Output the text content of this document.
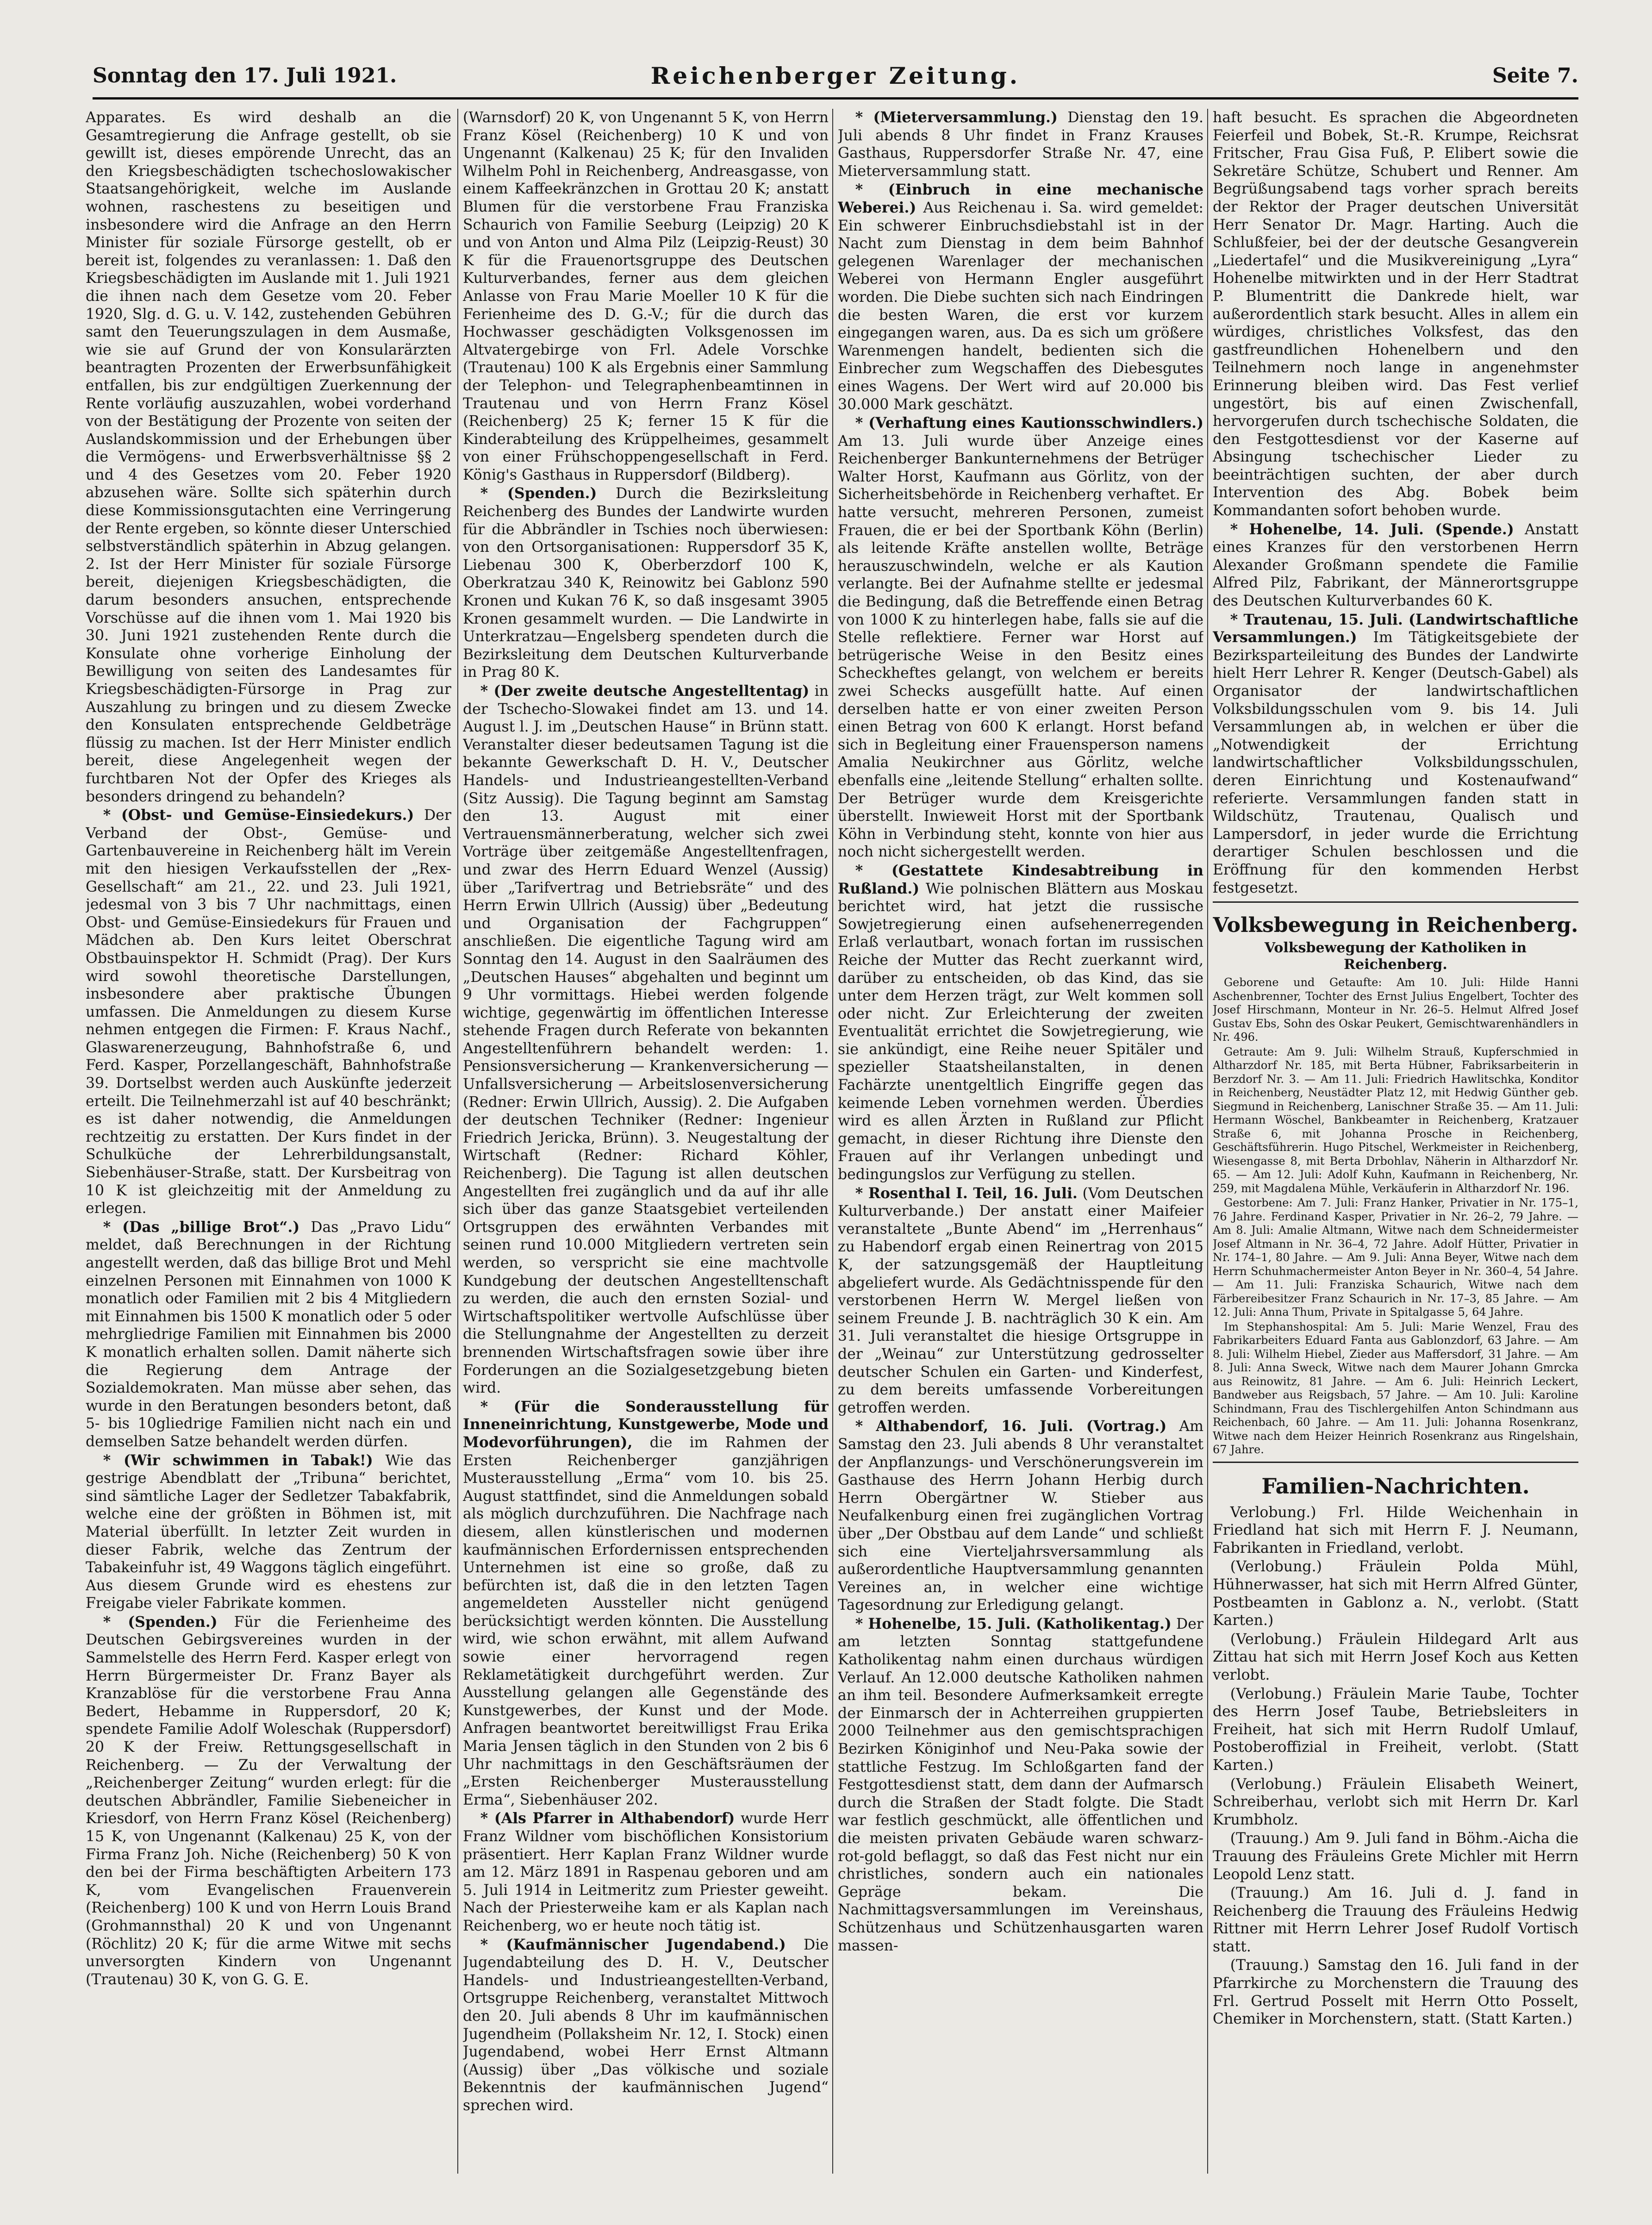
Sonntag den 17. Juli 1921.	Reichenberger Zeitung.	Seite 7.

Apparates. Es wird deshalb an die Gesamtregierung die Anfrage gestellt, ob sie gewillt ist, dieses empörende Unrecht, das an den Kriegsbeschädigten tschechoslowakischer Staatsangehörigkeit, welche im Auslande wohnen, raschestens zu beseitigen und insbesondere wird die Anfrage an den Herrn Minister für soziale Fürsorge gestellt, ob er bereit ist, folgendes zu veranlassen: 1. Daß den Kriegsbeschädigten im Auslande mit 1. Juli 1921 die ihnen nach dem Gesetze vom 20. Feber 1920, Slg. d. G. u. V. 142, zustehenden Gebühren samt den Teuerungszulagen in dem Ausmaße, wie sie auf Grund der von Konsularärzten beantragten Prozenten der Erwerbsunfähigkeit entfallen, bis zur endgültigen Zuerkennung der Rente vorläufig auszuzahlen, wobei vorderhand von der Bestätigung der Prozente von seiten der Auslandskommission und der Erhebungen über die Vermögens- und Erwerbsverhältnisse §§ 2 und 4 des Gesetzes vom 20. Feber 1920 abzusehen wäre. Sollte sich späterhin durch diese Kommissionsgutachten eine Verringerung der Rente ergeben, so könnte dieser Unterschied selbstverständlich späterhin in Abzug gelangen. 2. Ist der Herr Minister für soziale Fürsorge bereit, diejenigen Kriegsbeschädigten, die darum besonders ansuchen, entsprechende Vorschüsse auf die ihnen vom 1. Mai 1920 bis 30. Juni 1921 zustehenden Rente durch die Konsulate ohne vorherige Einholung der Bewilligung von seiten des Landesamtes für Kriegsbeschädigten-Fürsorge in Prag zur Auszahlung zu bringen und zu diesem Zwecke den Konsulaten entsprechende Geldbeträge flüssig zu machen. Ist der Herr Minister endlich bereit, diese Angelegenheit wegen der furchtbaren Not der Opfer des Krieges als besonders dringend zu behandeln?

* (Obst- und Gemüse-Einsiedekurs.) Der Verband der Obst-, Gemüse- und Gartenbauvereine in Reichenberg hält im Verein mit den hiesigen Verkaufsstellen der „Rex-Gesellschaft“ am 21., 22. und 23. Juli 1921, jedesmal von 3 bis 7 Uhr nachmittags, einen Obst- und Gemüse-Einsiedekurs für Frauen und Mädchen ab. Den Kurs leitet Oberschrat Obstbauinspektor H. Schmidt (Prag). Der Kurs wird sowohl theoretische Darstellungen, insbesondere aber praktische Übungen umfassen. Die Anmeldungen zu diesem Kurse nehmen entgegen die Firmen: F. Kraus Nachf., Glaswarenerzeugung, Bahnhofstraße 6, und Ferd. Kasper, Porzellangeschäft, Bahnhofstraße 39. Dortselbst werden auch Auskünfte jederzeit erteilt. Die Teilnehmerzahl ist auf 40 beschränkt; es ist daher notwendig, die Anmeldungen rechtzeitig zu erstatten. Der Kurs findet in der Schulküche der Lehrerbildungsanstalt, Siebenhäuser-Straße, statt. Der Kursbeitrag von 10 K ist gleichzeitig mit der Anmeldung zu erlegen.

* (Das „billige Brot“.) Das „Pravo Lidu“ meldet, daß Berechnungen in der Richtung angestellt werden, daß das billige Brot und Mehl einzelnen Personen mit Einnahmen von 1000 K monatlich oder Familien mit 2 bis 4 Mitgliedern mit Einnahmen bis 1500 K monatlich oder 5 oder mehrgliedrige Familien mit Einnahmen bis 2000 K monatlich erhalten sollen. Damit näherte sich die Regierung dem Antrage der Sozialdemokraten. Man müsse aber sehen, das wurde in den Beratungen besonders betont, daß 5- bis 10gliedrige Familien nicht nach ein und demselben Satze behandelt werden dürfen.

* (Wir schwimmen in Tabak!) Wie das gestrige Abendblatt der „Tribuna“ berichtet, sind sämtliche Lager der Sedletzer Tabakfabrik, welche eine der größten in Böhmen ist, mit Material überfüllt. In letzter Zeit wurden in dieser Fabrik, welche das Zentrum der Tabakeinfuhr ist, 49 Waggons täglich eingeführt. Aus diesem Grunde wird es ehestens zur Freigabe vieler Fabrikate kommen.

* (Spenden.) Für die Ferienheime des Deutschen Gebirgsvereines wurden in der Sammelstelle des Herrn Ferd. Kasper erlegt von Herrn Bürgermeister Dr. Franz Bayer als Kranzablöse für die verstorbene Frau Anna Bedert, Hebamme in Ruppersdorf, 20 K; spendete Familie Adolf Woleschak (Ruppersdorf) 20 K der Freiw. Rettungsgesellschaft in Reichenberg. — Zu der Verwaltung der „Reichenberger Zeitung“ wurden erlegt: für die deutschen Abbrändler, Familie Siebeneicher in Kriesdorf, von Herrn Franz Kösel (Reichenberg) 15 K, von Ungenannt (Kalkenau) 25 K, von der Firma Franz Joh. Niche (Reichenberg) 50 K von den bei der Firma beschäftigten Arbeitern 173 K, vom Evangelischen Frauenverein (Reichenberg) 100 K und von Herrn Louis Brand (Grohmannsthal) 20 K und von Ungenannt (Röchlitz) 20 K; für die arme Witwe mit sechs unversorgten Kindern von Ungenannt (Trautenau) 30 K, von G. G. E.

(Warnsdorf) 20 K, von Ungenannt 5 K, von Herrn Franz Kösel (Reichenberg) 10 K und von Ungenannt (Kalkenau) 25 K; für den Invaliden Wilhelm Pohl in Reichenberg, Andreasgasse, von einem Kaffeekränzchen in Grottau 20 K; anstatt Blumen für die verstorbene Frau Franziska Schaurich von Familie Seeburg (Leipzig) 20 K und von Anton und Alma Pilz (Leipzig-Reust) 30 K für die Frauenortsgruppe des Deutschen Kulturverbandes, ferner aus dem gleichen Anlasse von Frau Marie Moeller 10 K für die Ferienheime des D. G.-V.; für die durch das Hochwasser geschädigten Volksgenossen im Altvatergebirge von Frl. Adele Vorschke (Trautenau) 100 K als Ergebnis einer Sammlung der Telephon- und Telegraphenbeamtinnen in Trautenau und von Herrn Franz Kösel (Reichenberg) 25 K; ferner 15 K für die Kinderabteilung des Krüppelheimes, gesammelt von einer Frühschoppengesellschaft in Ferd. König's Gasthaus in Ruppersdorf (Bildberg).

* (Spenden.) Durch die Bezirksleitung Reichenberg des Bundes der Landwirte wurden für die Abbrändler in Tschies noch überwiesen: von den Ortsorganisationen: Ruppersdorf 35 K, Liebenau 300 K, Oberberzdorf 100 K, Oberkratzau 340 K, Reinowitz bei Gablonz 590 Kronen und Kukan 76 K, so daß insgesamt 3905 Kronen gesammelt wurden. — Die Landwirte in Unterkratzau—Engelsberg spendeten durch die Bezirksleitung dem Deutschen Kulturverbande in Prag 80 K.

* (Der zweite deutsche Angestelltentag) in der Tschecho-Slowakei findet am 13. und 14. August l. J. im „Deutschen Hause“ in Brünn statt. Veranstalter dieser bedeutsamen Tagung ist die bekannte Gewerkschaft D. H. V., Deutscher Handels- und Industrieangestellten-Verband (Sitz Aussig). Die Tagung beginnt am Samstag den 13. August mit einer Vertrauensmännerberatung, welcher sich zwei Vorträge über zeitgemäße Angestelltenfragen, und zwar des Herrn Eduard Wenzel (Aussig) über „Tarifvertrag und Betriebsräte“ und des Herrn Erwin Ullrich (Aussig) über „Bedeutung und Organisation der Fachgruppen“ anschließen. Die eigentliche Tagung wird am Sonntag den 14. August in den Saalräumen des „Deutschen Hauses“ abgehalten und beginnt um 9 Uhr vormittags. Hiebei werden folgende wichtige, gegenwärtig im öffentlichen Interesse stehende Fragen durch Referate von bekannten Angestelltenführern behandelt werden: 1. Pensionsversicherung — Krankenversicherung — Unfallsversicherung — Arbeitslosenversicherung (Redner: Erwin Ullrich, Aussig). 2. Die Aufgaben der deutschen Techniker (Redner: Ingenieur Friedrich Jericka, Brünn). 3. Neugestaltung der Wirtschaft (Redner: Richard Köhler, Reichenberg). Die Tagung ist allen deutschen Angestellten frei zugänglich und da auf ihr alle sich über das ganze Staatsgebiet verteilenden Ortsgruppen des erwähnten Verbandes mit seinen rund 10.000 Mitgliedern vertreten sein werden, so verspricht sie eine machtvolle Kundgebung der deutschen Angestelltenschaft zu werden, die auch den ernsten Sozial- und Wirtschaftspolitiker wertvolle Aufschlüsse über die Stellungnahme der Angestellten zu derzeit brennenden Wirtschaftsfragen sowie über ihre Forderungen an die Sozialgesetzgebung bieten wird.

* (Für die Sonderausstellung für Inneneinrichtung, Kunstgewerbe, Mode und Modevorführungen), die im Rahmen der Ersten Reichenberger ganzjährigen Musterausstellung „Erma“ vom 10. bis 25. August stattfindet, sind die Anmeldungen sobald als möglich durchzuführen. Die Nachfrage nach diesem, allen künstlerischen und modernen kaufmännischen Erfordernissen entsprechenden Unternehmen ist eine so große, daß zu befürchten ist, daß die in den letzten Tagen angemeldeten Aussteller nicht genügend berücksichtigt werden könnten. Die Ausstellung wird, wie schon erwähnt, mit allem Aufwand sowie einer hervorragend regen Reklametätigkeit durchgeführt werden. Zur Ausstellung gelangen alle Gegenstände des Kunstgewerbes, der Kunst und der Mode. Anfragen beantwortet bereitwilligst Frau Erika Maria Jensen täglich in den Stunden von 2 bis 6 Uhr nachmittags in den Geschäftsräumen der „Ersten Reichenberger Musterausstellung Erma“, Siebenhäuser 202.

* (Als Pfarrer in Althabendorf) wurde Herr Franz Wildner vom bischöflichen Konsistorium präsentiert. Herr Kaplan Franz Wildner wurde am 12. März 1891 in Raspenau geboren und am 5. Juli 1914 in Leitmeritz zum Priester geweiht. Nach der Priesterweihe kam er als Kaplan nach Reichenberg, wo er heute noch tätig ist.

* (Kaufmännischer Jugendabend.) Die Jugendabteilung des D. H. V., Deutscher Handels- und Industrieangestellten-Verband, Ortsgruppe Reichenberg, veranstaltet Mittwoch den 20. Juli abends 8 Uhr im kaufmännischen Jugendheim (Pollaksheim Nr. 12, I. Stock) einen Jugendabend, wobei Herr Ernst Altmann (Aussig) über „Das völkische und soziale Bekenntnis der kaufmännischen Jugend“ sprechen wird.

* (Mieterversammlung.) Dienstag den 19. Juli abends 8 Uhr findet in Franz Krauses Gasthaus, Ruppersdorfer Straße Nr. 47, eine Mieterversammlung statt.

* (Einbruch in eine mechanische Weberei.) Aus Reichenau i. Sa. wird gemeldet: Ein schwerer Einbruchsdiebstahl ist in der Nacht zum Dienstag in dem beim Bahnhof gelegenen Warenlager der mechanischen Weberei von Hermann Engler ausgeführt worden. Die Diebe suchten sich nach Eindringen die besten Waren, die erst vor kurzem eingegangen waren, aus. Da es sich um größere Warenmengen handelt, bedienten sich die Einbrecher zum Wegschaffen des Diebesgutes eines Wagens. Der Wert wird auf 20.000 bis 30.000 Mark geschätzt.

* (Verhaftung eines Kautionsschwindlers.) Am 13. Juli wurde über Anzeige eines Reichenberger Bankunternehmens der Betrüger Walter Horst, Kaufmann aus Görlitz, von der Sicherheitsbehörde in Reichenberg verhaftet. Er hatte versucht, mehreren Personen, zumeist Frauen, die er bei der Sportbank Köhn (Berlin) als leitende Kräfte anstellen wollte, Beträge herauszuschwindeln, welche er als Kaution verlangte. Bei der Aufnahme stellte er jedesmal die Bedingung, daß die Betreffende einen Betrag von 1000 K zu hinterlegen habe, falls sie auf die Stelle reflektiere. Ferner war Horst auf betrügerische Weise in den Besitz eines Scheckheftes gelangt, von welchem er bereits zwei Schecks ausgefüllt hatte. Auf einen derselben hatte er von einer zweiten Person einen Betrag von 600 K erlangt. Horst befand sich in Begleitung einer Frauensperson namens Amalia Neukirchner aus Görlitz, welche ebenfalls eine „leitende Stellung“ erhalten sollte. Der Betrüger wurde dem Kreisgerichte überstellt. Inwieweit Horst mit der Sportbank Köhn in Verbindung steht, konnte von hier aus noch nicht sichergestellt werden.

* (Gestattete Kindesabtreibung in Rußland.) Wie polnischen Blättern aus Moskau berichtet wird, hat jetzt die russische Sowjetregierung einen aufsehenerregenden Erlaß verlautbart, wonach fortan im russischen Reiche der Mutter das Recht zuerkannt wird, darüber zu entscheiden, ob das Kind, das sie unter dem Herzen trägt, zur Welt kommen soll oder nicht. Zur Erleichterung der zweiten Eventualität errichtet die Sowjetregierung, wie sie ankündigt, eine Reihe neuer Spitäler und spezieller Staatsheilanstalten, in denen Fachärzte unentgeltlich Eingriffe gegen das keimende Leben vornehmen werden. Überdies wird es allen Ärzten in Rußland zur Pflicht gemacht, in dieser Richtung ihre Dienste den Frauen auf ihr Verlangen unbedingt und bedingungslos zur Verfügung zu stellen.

* Rosenthal I. Teil, 16. Juli. (Vom Deutschen Kulturverbande.) Der anstatt einer Maifeier veranstaltete „Bunte Abend“ im „Herrenhaus“ zu Habendorf ergab einen Reinertrag von 2015 K, der satzungsgemäß der Hauptleitung abgeliefert wurde. Als Gedächtnisspende für den verstorbenen Herrn W. Mergel ließen von seinem Freunde J. B. nachträglich 30 K ein. Am 31. Juli veranstaltet die hiesige Ortsgruppe in der „Weinau“ zur Unterstützung gedrosselter deutscher Schulen ein Garten- und Kinderfest, zu dem bereits umfassende Vorbereitungen getroffen werden.

* Althabendorf, 16. Juli. (Vortrag.) Am Samstag den 23. Juli abends 8 Uhr veranstaltet der Anpflanzungs- und Verschönerungsverein im Gasthause des Herrn Johann Herbig durch Herrn Obergärtner W. Stieber aus Neufalkenburg einen frei zugänglichen Vortrag über „Der Obstbau auf dem Lande“ und schließt sich eine Vierteljahrsversammlung als außerordentliche Hauptversammlung genannten Vereines an, in welcher eine wichtige Tagesordnung zur Erledigung gelangt.

* Hohenelbe, 15. Juli. (Katholikentag.) Der am letzten Sonntag stattgefundene Katholikentag nahm einen durchaus würdigen Verlauf. An 12.000 deutsche Katholiken nahmen an ihm teil. Besondere Aufmerksamkeit erregte der Einmarsch der in Achterreihen gruppierten 2000 Teilnehmer aus den gemischtsprachigen Bezirken Königinhof und Neu-Paka sowie der stattliche Festzug. Im Schloßgarten fand der Festgottesdienst statt, dem dann der Aufmarsch durch die Straßen der Stadt folgte. Die Stadt war festlich geschmückt, alle öffentlichen und die meisten privaten Gebäude waren schwarz-rot-gold beflaggt, so daß das Fest nicht nur ein christliches, sondern auch ein nationales Gepräge bekam. Die Nachmittagsversammlungen im Vereinshaus, Schützenhaus und Schützenhausgarten waren massen-

haft besucht. Es sprachen die Abgeordneten Feierfeil und Bobek, St.-R. Krumpe, Reichsrat Fritscher, Frau Gisa Fuß, P. Elibert sowie die Sekretäre Schütze, Schubert und Renner. Am Begrüßungsabend tags vorher sprach bereits der Rektor der Prager deutschen Universität Herr Senator Dr. Magr. Harting. Auch die Schlußfeier, bei der der deutsche Gesangverein „Liedertafel“ und die Musikvereinigung „Lyra“ Hohenelbe mitwirkten und in der Herr Stadtrat P. Blumentritt die Dankrede hielt, war außerordentlich stark besucht. Alles in allem ein würdiges, christliches Volksfest, das den gastfreundlichen Hohenelbern und den Teilnehmern noch lange in angenehmster Erinnerung bleiben wird. Das Fest verlief ungestört, bis auf einen Zwischenfall, hervorgerufen durch tschechische Soldaten, die den Festgottesdienst vor der Kaserne auf Absingung tschechischer Lieder zu beeinträchtigen suchten, der aber durch Intervention des Abg. Bobek beim Kommandanten sofort behoben wurde.

* Hohenelbe, 14. Juli. (Spende.) Anstatt eines Kranzes für den verstorbenen Herrn Alexander Großmann spendete die Familie Alfred Pilz, Fabrikant, der Männerortsgruppe des Deutschen Kulturverbandes 60 K.

* Trautenau, 15. Juli. (Landwirtschaftliche Versammlungen.) Im Tätigkeitsgebiete der Bezirksparteileitung des Bundes der Landwirte hielt Herr Lehrer R. Kenger (Deutsch-Gabel) als Organisator der landwirtschaftlichen Volksbildungsschulen vom 9. bis 14. Juli Versammlungen ab, in welchen er über die „Notwendigkeit der Errichtung landwirtschaftlicher Volksbildungsschulen, deren Einrichtung und Kostenaufwand“ referierte. Versammlungen fanden statt in Wildschütz, Trautenau, Qualisch und Lampersdorf, in jeder wurde die Errichtung derartiger Schulen beschlossen und die Eröffnung für den kommenden Herbst festgesetzt.

Volksbewegung in Reichenberg.
Volksbewegung der Katholiken in Reichenberg.

Geborene und Getaufte: Am 10. Juli: Hilde Hanni Aschenbrenner, Tochter des Ernst Julius Engelbert, Tochter des Josef Hirschmann, Monteur in Nr. 26–5. Helmut Alfred Josef Gustav Ebs, Sohn des Oskar Peukert, Gemischtwarenhändlers in Nr. 496.

Getraute: Am 9. Juli: Wilhelm Strauß, Kupferschmied in Altharzdorf Nr. 185, mit Berta Hübner, Fabriksarbeiterin in Berzdorf Nr. 3. — Am 11. Juli: Friedrich Hawlitschka, Konditor in Reichenberg, Neustädter Platz 12, mit Hedwig Günther geb. Siegmund in Reichenberg, Lanischner Straße 35. — Am 11. Juli: Hermann Wöschel, Bankbeamter in Reichenberg, Kratzauer Straße 6, mit Johanna Prosche in Reichenberg, Geschäftsführerin. Hugo Pitschel, Werkmeister in Reichenberg, Wiesengasse 8, mit Berta Drbohlav, Näherin in Altharzdorf Nr. 65. — Am 12. Juli: Adolf Kuhn, Kaufmann in Reichenberg, Nr. 259, mit Magdalena Mühle, Verkäuferin in Altharzdorf Nr. 196.

Gestorbene: Am 7. Juli: Franz Hanker, Privatier in Nr. 175–1, 76 Jahre. Ferdinand Kasper, Privatier in Nr. 26–2, 79 Jahre. — Am 8. Juli: Amalie Altmann, Witwe nach dem Schneidermeister Josef Altmann in Nr. 36–4, 72 Jahre. Adolf Hütter, Privatier in Nr. 174–1, 80 Jahre. — Am 9. Juli: Anna Beyer, Witwe nach dem Herrn Schuhmachermeister Anton Beyer in Nr. 360–4, 54 Jahre. — Am 11. Juli: Franziska Schaurich, Witwe nach dem Färbereibesitzer Franz Schaurich in Nr. 17–3, 85 Jahre. — Am 12. Juli: Anna Thum, Private in Spitalgasse 5, 64 Jahre.

Im Stephanshospital: Am 5. Juli: Marie Wenzel, Frau des Fabrikarbeiters Eduard Fanta aus Gablonzdorf, 63 Jahre. — Am 8. Juli: Wilhelm Hiebel, Zieder aus Maffersdorf, 31 Jahre. — Am 8. Juli: Anna Sweck, Witwe nach dem Maurer Johann Gmrcka aus Reinowitz, 81 Jahre. — Am 6. Juli: Heinrich Leckert, Bandweber aus Reigsbach, 57 Jahre. — Am 10. Juli: Karoline Schindmann, Frau des Tischlergehilfen Anton Schindmann aus Reichenbach, 60 Jahre. — Am 11. Juli: Johanna Rosenkranz, Witwe nach dem Heizer Heinrich Rosenkranz aus Ringelshain, 67 Jahre.

Familien-Nachrichten.

Verlobung.) Frl. Hilde Weichenhain in Friedland hat sich mit Herrn F. J. Neumann, Fabrikanten in Friedland, verlobt.

(Verlobung.) Fräulein Polda Mühl, Hühnerwasser, hat sich mit Herrn Alfred Günter, Postbeamten in Gablonz a. N., verlobt. (Statt Karten.)

(Verlobung.) Fräulein Hildegard Arlt aus Zittau hat sich mit Herrn Josef Koch aus Ketten verlobt.

(Verlobung.) Fräulein Marie Taube, Tochter des Herrn Josef Taube, Betriebsleiters in Freiheit, hat sich mit Herrn Rudolf Umlauf, Postoberoffizial in Freiheit, verlobt. (Statt Karten.)

(Verlobung.) Fräulein Elisabeth Weinert, Schreiberhau, verlobt sich mit Herrn Dr. Karl Krumbholz.

(Trauung.) Am 9. Juli fand in Böhm.-Aicha die Trauung des Fräuleins Grete Michler mit Herrn Leopold Lenz statt.

(Trauung.) Am 16. Juli d. J. fand in Reichenberg die Trauung des Fräuleins Hedwig Rittner mit Herrn Lehrer Josef Rudolf Vortisch statt.

(Trauung.) Samstag den 16. Juli fand in der Pfarrkirche zu Morchenstern die Trauung des Frl. Gertrud Posselt mit Herrn Otto Posselt, Chemiker in Morchenstern, statt. (Statt Karten.)
